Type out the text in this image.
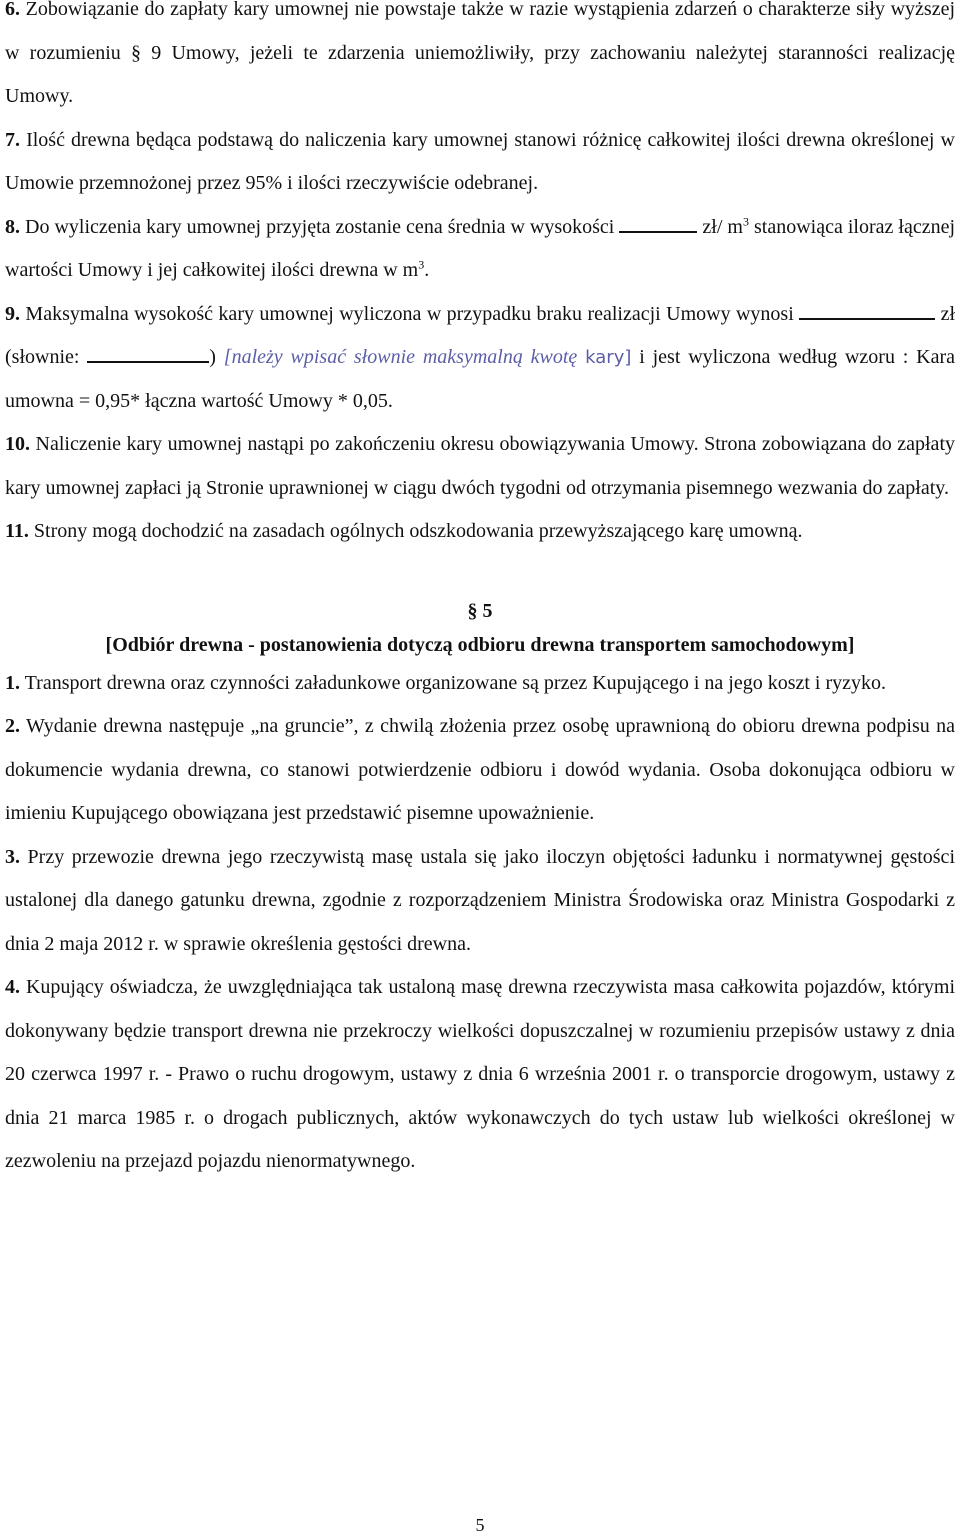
6. Zobowiązanie do zapłaty kary umownej nie powstaje także w razie wystąpienia zdarzeń o charakterze siły wyższej w rozumieniu § 9 Umowy, jeżeli te zdarzenia uniemożliwiły, przy zachowaniu należytej staranności realizację Umowy.

7. Ilość drewna będąca podstawą do naliczenia kary umownej stanowi różnicę całkowitej ilości drewna określonej w Umowie przemnożonej przez 95% i ilości rzeczywiście odebranej.

8. Do wyliczenia kary umownej przyjęta zostanie cena średnia w wysokości	zł/ $m^3$ stanowiąca iloraz łącznej wartości Umowy i jej całkowitej ilości drewna w $m^3$.

9. Maksymalna wysokość kary umownej wyliczona w przypadku braku realizacji Umowy wynosi	zł (słownie:	) [należy wpisać słownie maksymalną kwotę kary] i jest wyliczona według wzoru : Kara umowna = 0,95* łączna wartość Umowy * 0,05.

10. Naliczenie kary umownej nastąpi po zakończeniu okresu obowiązywania Umowy. Strona zobowiązana do zapłaty kary umownej zapłaci ją Stronie uprawnionej w ciągu dwóch tygodni od otrzymania pisemnego wezwania do zapłaty.

11. Strony mogą dochodzić na zasadach ogólnych odszkodowania przewyższającego karę umowną.

§ 5

[Odbiór drewna - postanowienia dotyczą odbioru drewna transportem samochodowym]

1. Transport drewna oraz czynności załadunkowe organizowane są przez Kupującego i na jego koszt i ryzyko.

2. Wydanie drewna następuje „na gruncie”, z chwilą złożenia przez osobę uprawnioną do obioru drewna podpisu na dokumencie wydania drewna, co stanowi potwierdzenie odbioru i dowód wydania. Osoba dokonująca odbioru w imieniu Kupującego obowiązana jest przedstawić pisemne upoważnienie.

3. Przy przewozie drewna jego rzeczywistą masę ustala się jako iloczyn objętości ładunku i normatywnej gęstości ustalonej dla danego gatunku drewna, zgodnie z rozporządzeniem Ministra Środowiska oraz Ministra Gospodarki z dnia 2 maja 2012 r. w sprawie określenia gęstości drewna.

4. Kupujący oświadcza, że uwzględniająca tak ustaloną masę drewna rzeczywista masa całkowita pojazdów, którymi dokonywany będzie transport drewna nie przekroczy wielkości dopuszczalnej w rozumieniu przepisów ustawy z dnia 20 czerwca 1997 r. - Prawo o ruchu drogowym, ustawy z dnia 6 września 2001 r. o transporcie drogowym, ustawy z dnia 21 marca 1985 r. o drogach publicznych, aktów wykonawczych do tych ustaw lub wielkości określonej w zezwoleniu na przejazd pojazdu nienormatywnego.

5
